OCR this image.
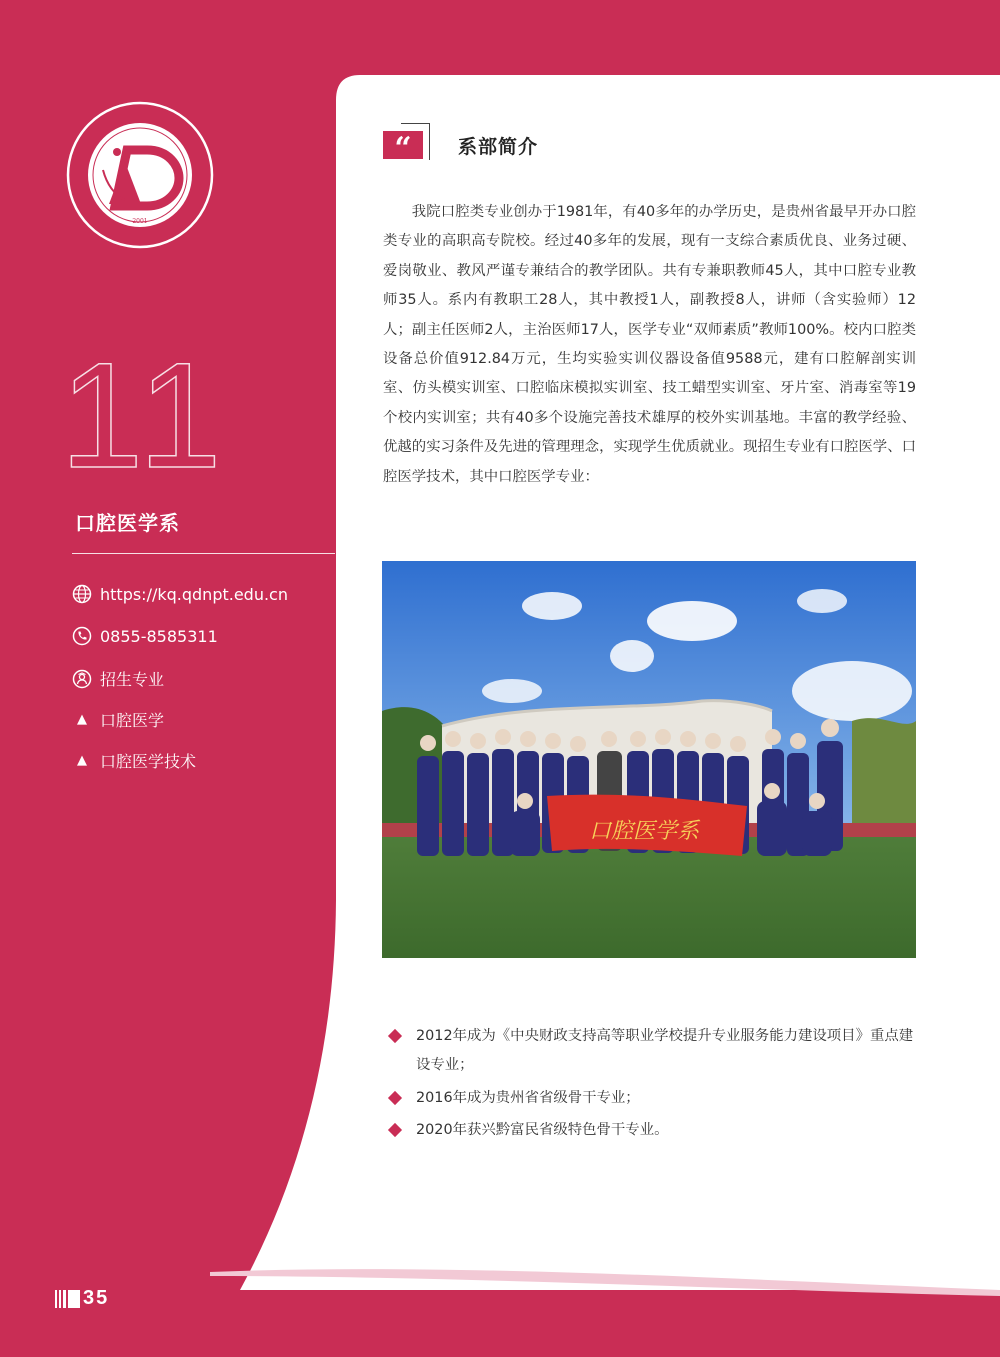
2001
11
口腔医学系
https://kq.qdnpt.edu.cn
0855-8585311
招生专业
▲ 口腔医学
▲ 口腔医学技术
“	系部简介

我院口腔类专业创办于1981年，有40多年的办学历史，是贵州省最早开办口腔类专业的高职高专院校。经过40多年的发展，现有一支综合素质优良、业务过硬、爱岗敬业、教风严谨专兼结合的教学团队。共有专兼职教师45人，其中口腔专业教师35人。系内有教职工28人，其中教授1人，副教授8人，讲师（含实验师）12人；副主任医师2人，主治医师17人，医学专业“双师素质”教师100%。校内口腔类设备总价值912.84万元，生均实验实训仪器设备值9588元，建有口腔解剖实训室、仿头模实训室、口腔临床模拟实训室、技工蜡型实训室、牙片室、消毒室等19个校内实训室；共有40多个设施完善技术雄厚的校外实训基地。丰富的教学经验、优越的实习条件及先进的管理理念，实现学生优质就业。现招生专业有口腔医学、口腔医学技术，其中口腔医学专业：

口腔医学系
2012年成为《中央财政支持高等职业学校提升专业服务能力建设项目》重点建设专业；
2016年成为贵州省省级骨干专业；
2020年获兴黔富民省级特色骨干专业。
35
